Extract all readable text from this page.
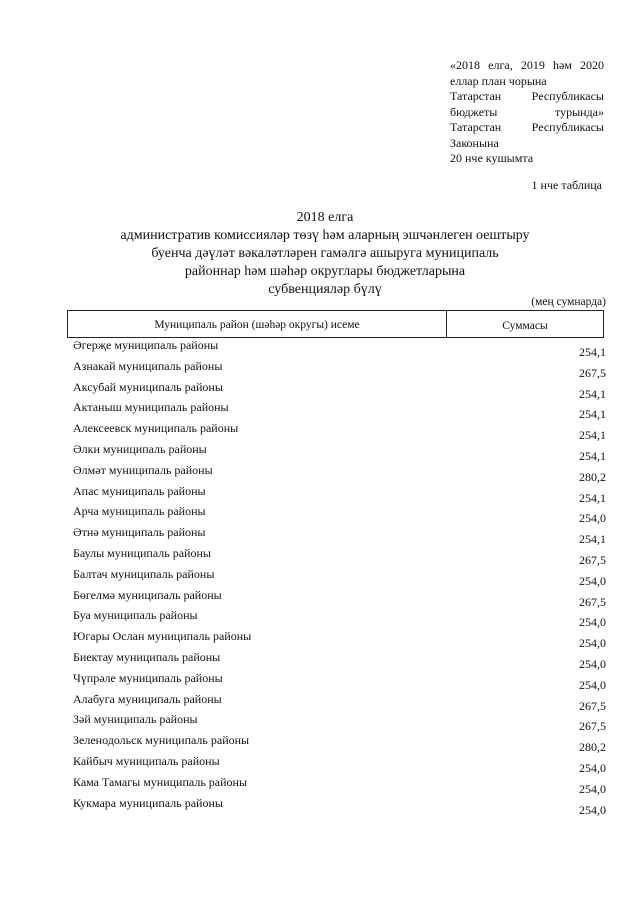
«2018 елга, 2019 һәм 2020
еллар план чорына
Татарстан Республикасы
бюджеты турында»
Татарстан Республикасы
Законына
20 нче кушымта
1 нче таблица
2018 елга
административ комиссияләр төзү һәм аларның эшчәнлеген оештыру
буенча дәүләт вәкаләтләрен гамәлгә ашыруга муниципаль
районнар һәм шәһәр округлары бюджетларына
субвенцияләр бүлү
(мең сумнарда)
Муниципаль район (шәһәр округы) исеме	Суммасы
Әгерҗе муниципаль районы	254,1
Азнакай муниципаль районы	267,5
Аксубай муниципаль районы	254,1
Актаныш муниципаль районы	254,1
Алексеевск муниципаль районы	254,1
Әлки муниципаль районы	254,1
Әлмәт муниципаль районы	280,2
Апас муниципаль районы	254,1
Арча муниципаль районы	254,0
Әтнә муниципаль районы	254,1
Баулы муниципаль районы	267,5
Балтач муниципаль районы	254,0
Бөгелмә муниципаль районы	267,5
Буа муниципаль районы	254,0
Югары Ослан муниципаль районы	254,0
Биектау муниципаль районы	254,0
Чүпрәле муниципаль районы	254,0
Алабуга муниципаль районы	267,5
Зәй муниципаль районы	267,5
Зеленодольск муниципаль районы	280,2
Кайбыч муниципаль районы	254,0
Кама Тамагы муниципаль районы	254,0
Кукмара муниципаль районы	254,0
